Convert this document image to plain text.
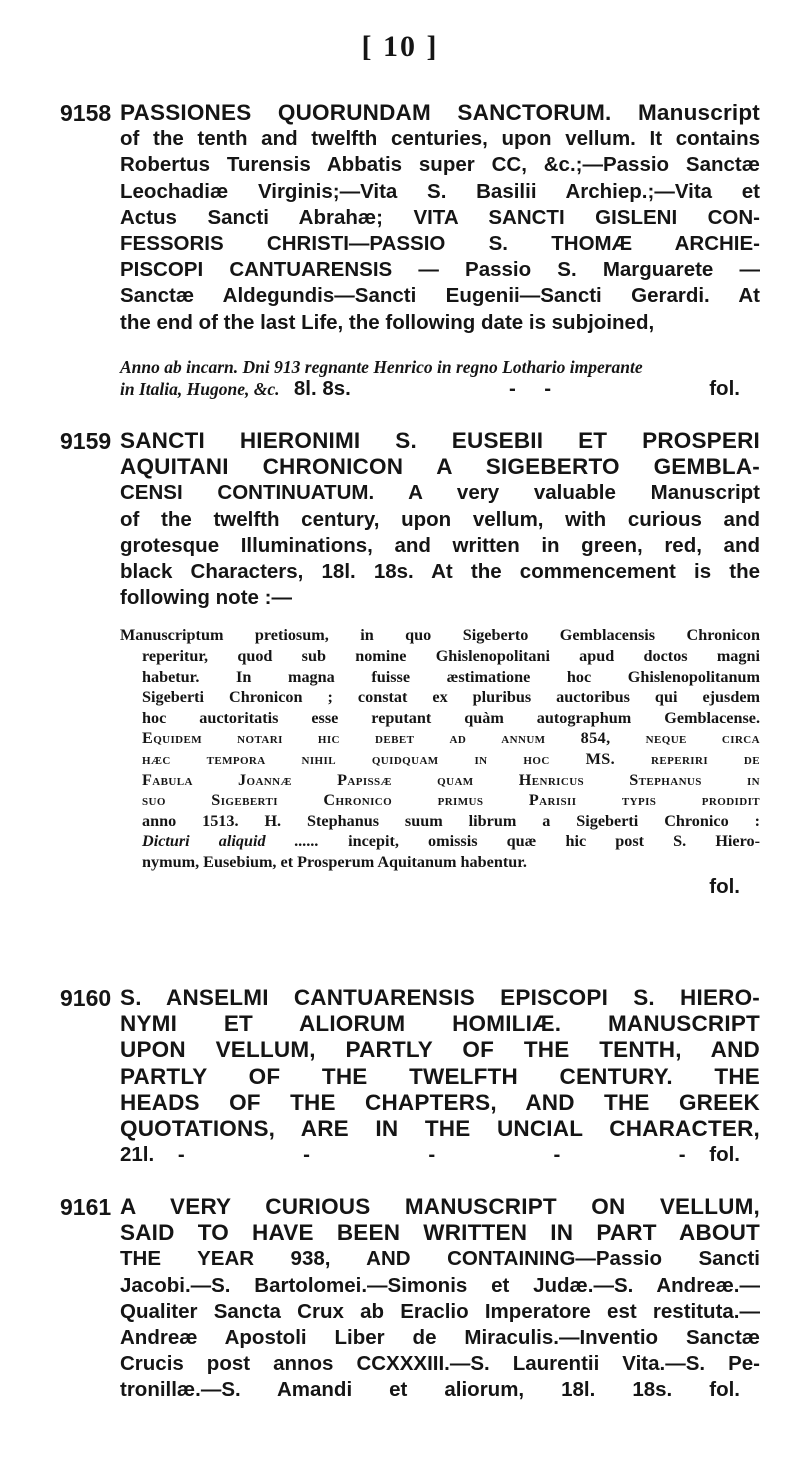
[ 10 ]
9158 PASSIONES QUORUNDAM SANCTORUM. Manuscript
of the tenth and twelfth centuries, upon vellum. It contains
Robertus Turensis Abbatis super CC, &c.;—Passio Sanctæ
Leochadiæ Virginis;—Vita S. Basilii Archiep.;—Vita et
Actus Sancti Abrahæ; VITA SANCTI GISLENI CON-
FESSORIS CHRISTI—PASSIO S. THOMÆ ARCHIE-
PISCOPI CANTUARENSIS — Passio S. Marguarete —
Sanctæ Aldegundis—Sancti Eugenii—Sancti Gerardi. At
the end of the last Life, the following date is subjoined,
Anno ab incarn. Dni 913 regnante Henrico in regno Lothario imperante
in Italia, Hugone, &c. 8l. 8s.	-     -	fol.
9159 SANCTI HIERONIMI S. EUSEBII ET PROSPERI
AQUITANI CHRONICON A SIGEBERTO GEMBLA-
CENSI CONTINUATUM. A very valuable Manuscript
of the twelfth century, upon vellum, with curious and
grotesque Illuminations, and written in green, red, and
black Characters, 18l. 18s. At the commencement is the
following note :—
Manuscriptum pretiosum, in quo Sigeberto Gemblacensis Chronicon
reperitur, quod sub nomine Ghislenopolitani apud doctos magni
habetur. In magna fuisse æstimatione hoc Ghislenopolitanum
Sigeberti Chronicon ; constat ex pluribus auctoribus qui ejusdem
hoc auctoritatis esse reputant quàm autographum Gemblacense.
Equidem notari hic debet ad annum 854, neque circa
hæc tempora nihil quidquam in hoc MS. reperiri de
Fabula Joannæ Papissæ quam Henricus Stephanus in
suo Sigeberti Chronico primus Parisii typis prodidit
anno 1513. H. Stephanus suum librum a Sigeberti Chronico :
Dicturi aliquid ...... incepit, omissis quæ hic post S. Hiero-
nymum, Eusebium, et Prosperum Aquitanum habentur.
fol.
9160 S. ANSELMI CANTUARENSIS EPISCOPI S. HIERO-
NYMI ET ALIORUM HOMILIÆ. MANUSCRIPT
UPON VELLUM, PARTLY OF THE TENTH, AND
PARTLY OF THE TWELFTH CENTURY. THE
HEADS OF THE CHAPTERS, AND THE GREEK
QUOTATIONS, ARE IN THE UNCIAL CHARACTER,
21l. -     -     -     -     - fol.
9161 A VERY CURIOUS MANUSCRIPT ON VELLUM,
SAID TO HAVE BEEN WRITTEN IN PART ABOUT
THE YEAR 938, AND CONTAINING—Passio Sancti
Jacobi.—S. Bartolomei.—Simonis et Judæ.—S. Andreæ.—
Qualiter Sancta Crux ab Eraclio Imperatore est restituta.—
Andreæ Apostoli Liber de Miraculis.—Inventio Sanctæ
Crucis post annos CCXXXIII.—S. Laurentii Vita.—S. Pe-
tronillæ.—S. Amandi et aliorum, 18l. 18s. fol.
